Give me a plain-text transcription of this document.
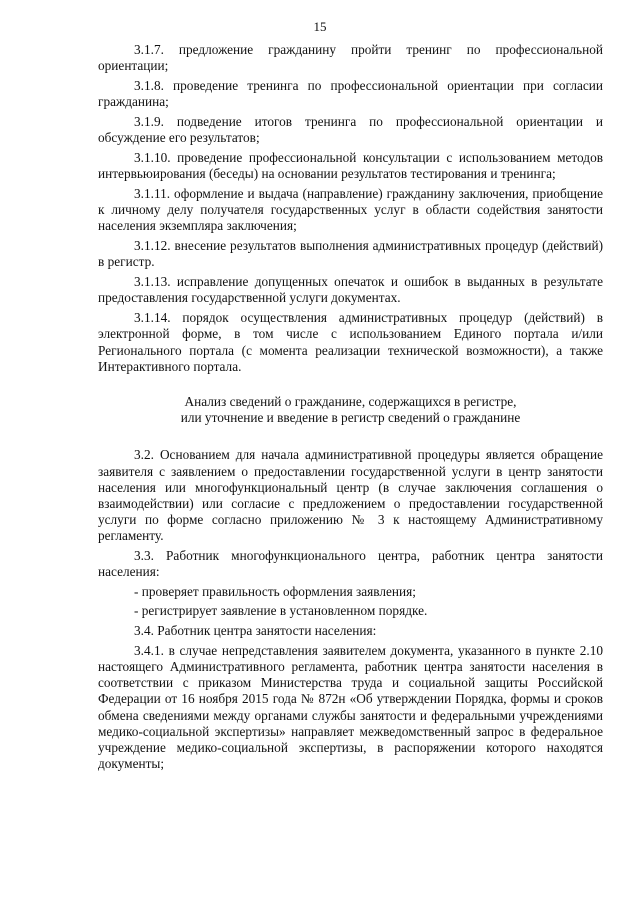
15

3.1.7. предложение гражданину пройти тренинг по профессиональной ориентации;

3.1.8. проведение тренинга по профессиональной ориентации при согласии гражданина;

3.1.9. подведение итогов тренинга по профессиональной ориентации и обсуждение его результатов;

3.1.10. проведение профессиональной консультации с использованием методов интервьюирования (беседы) на основании результатов тестирования и тренинга;

3.1.11. оформление и выдача (направление) гражданину заключения, приобщение к личному делу получателя государственных услуг в области содействия занятости населения экземпляра заключения;

3.1.12. внесение результатов выполнения административных процедур (действий) в регистр.

3.1.13. исправление допущенных опечаток и ошибок в выданных в результате предоставления государственной услуги документах.

3.1.14. порядок осуществления административных процедур (действий) в электронной форме, в том числе с использованием Единого портала и/или Регионального портала (с момента реализации технической возможности), а также Интерактивного портала.

Анализ сведений о гражданине, содержащихся в регистре,
или уточнение и введение в регистр сведений о гражданине

3.2. Основанием для начала административной процедуры является обращение заявителя с заявлением о предоставлении государственной услуги в центр занятости населения или многофункциональный центр (в случае заключения соглашения о взаимодействии) или согласие с предложением о предоставлении государственной услуги по форме согласно приложению № 3 к настоящему Административному регламенту.

3.3. Работник многофункционального центра, работник центра занятости населения:

- проверяет правильность оформления заявления;

- регистрирует заявление в установленном порядке.

3.4. Работник центра занятости населения:

3.4.1. в случае непредставления заявителем документа, указанного в пункте 2.10 настоящего Административного регламента, работник центра занятости населения в соответствии с приказом Министерства труда и социальной защиты Российской Федерации от 16 ноября 2015 года № 872н «Об утверждении Порядка, формы и сроков обмена сведениями между органами службы занятости и федеральными учреждениями медико-социальной экспертизы» направляет межведомственный запрос в федеральное учреждение медико-социальной экспертизы, в распоряжении которого находятся документы;
